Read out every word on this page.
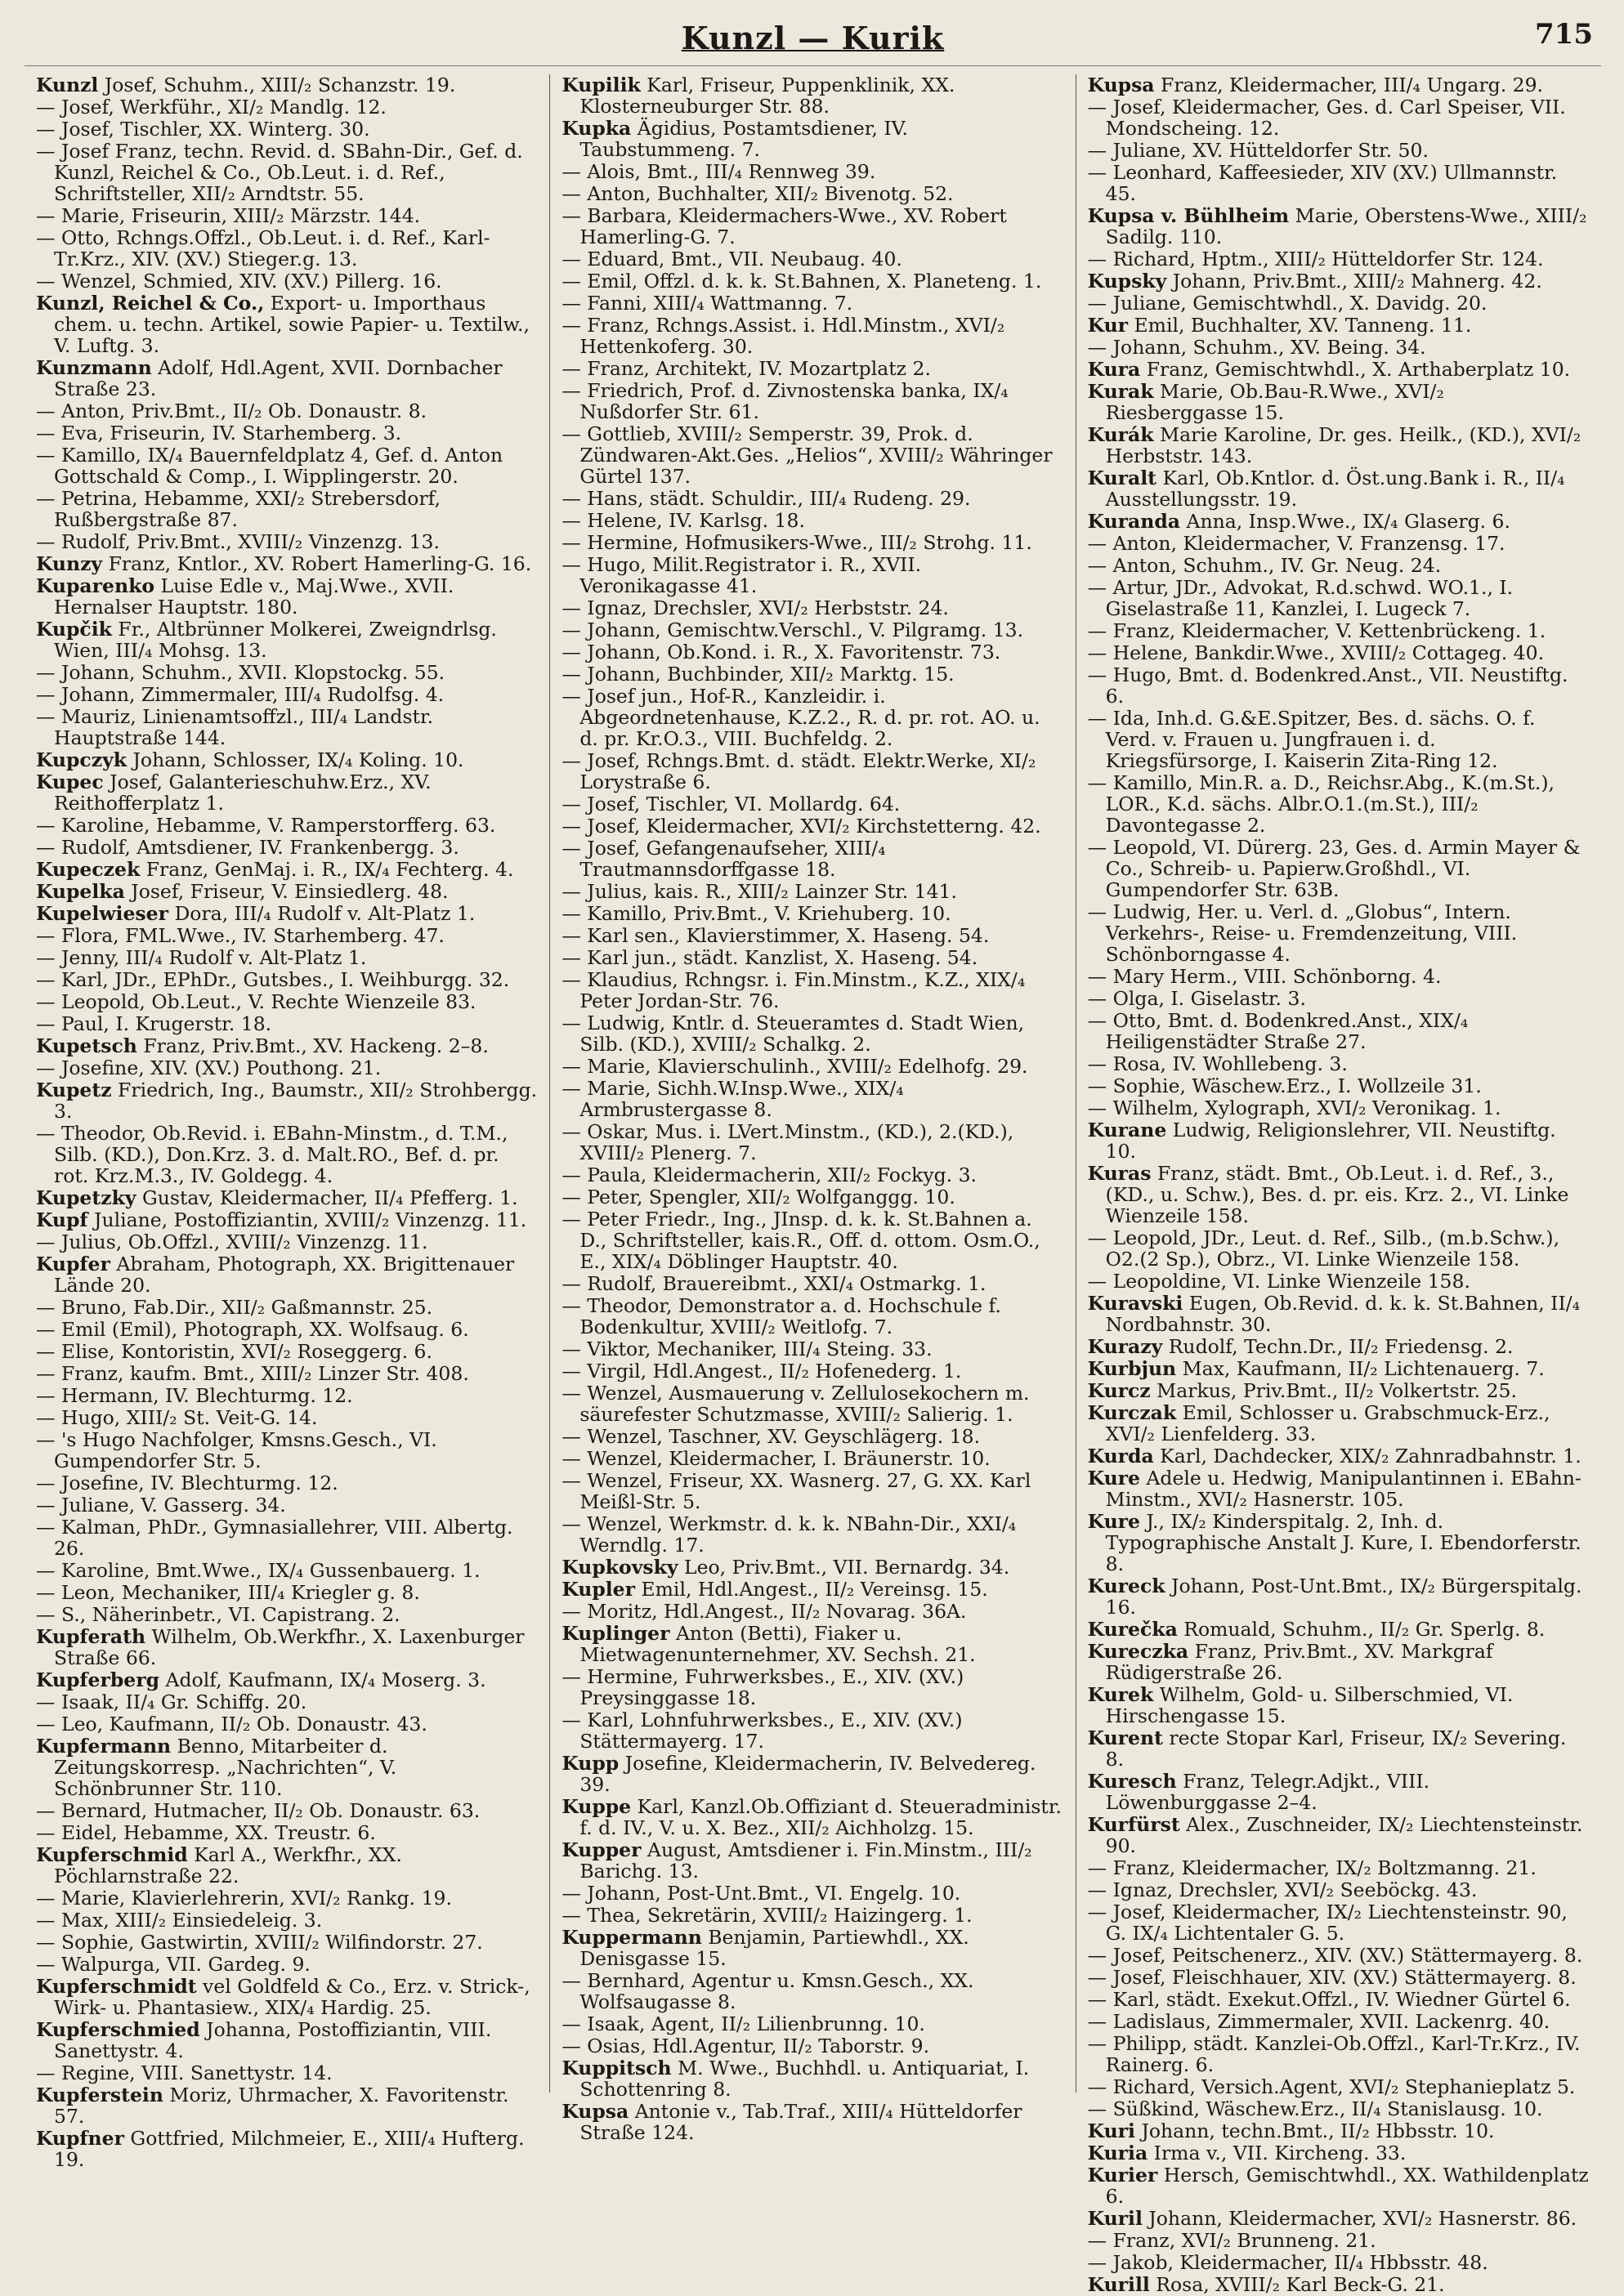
Kunzl — Kurik	715
Kunzl Josef, Schuhm., XIII/₂ Schanzstr. 19.
— Josef, Werkführ., XI/₂ Mandlg. 12.
— Josef, Tischler, XX. Winterg. 30.
— Josef Franz, techn. Revid. d. SBahn-Dir., Gef. d. Kunzl, Reichel & Co., Ob.Leut. i. d. Ref., Schriftsteller, XII/₂ Arndtstr. 55.
— Marie, Friseurin, XIII/₂ Märzstr. 144.
— Otto, Rchngs.Offzl., Ob.Leut. i. d. Ref., Karl-Tr.Krz., XIV. (XV.) Stieger.g. 13.
— Wenzel, Schmied, XIV. (XV.) Pillerg. 16.
Kunzl, Reichel & Co., Export- u. Importhaus chem. u. techn. Artikel, sowie Papier- u. Textilw., V. Luftg. 3.
Kunzmann Adolf, Hdl.Agent, XVII. Dornbacher Straße 23.
— Anton, Priv.Bmt., II/₂ Ob. Donaustr. 8.
— Eva, Friseurin, IV. Starhemberg. 3.
— Kamillo, IX/₄ Bauernfeldplatz 4, Gef. d. Anton Gottschald & Comp., I. Wipplingerstr. 20.
— Petrina, Hebamme, XXI/₂ Strebersdorf, Rußbergstraße 87.
— Rudolf, Priv.Bmt., XVIII/₂ Vinzenzg. 13.
Kunzy Franz, Kntlor., XV. Robert Hamerling-G. 16.
Kuparenko Luise Edle v., Maj.Wwe., XVII. Hernalser Hauptstr. 180.
Kupčik Fr., Altbrünner Molkerei, Zweigndrlsg. Wien, III/₄ Mohsg. 13.
— Johann, Schuhm., XVII. Klopstockg. 55.
— Johann, Zimmermaler, III/₄ Rudolfsg. 4.
— Mauriz, Linienamtsoffzl., III/₄ Landstr. Hauptstraße 144.
Kupczyk Johann, Schlosser, IX/₄ Koling. 10.
Kupec Josef, Galanterieschuhw.Erz., XV. Reithofferplatz 1.
— Karoline, Hebamme, V. Ramperstorfferg. 63.
— Rudolf, Amtsdiener, IV. Frankenbergg. 3.
Kupeczek Franz, GenMaj. i. R., IX/₄ Fechterg. 4.
Kupelka Josef, Friseur, V. Einsiedlerg. 48.
Kupelwieser Dora, III/₄ Rudolf v. Alt-Platz 1.
— Flora, FML.Wwe., IV. Starhemberg. 47.
— Jenny, III/₄ Rudolf v. Alt-Platz 1.
— Karl, JDr., EPhDr., Gutsbes., I. Weihburgg. 32.
— Leopold, Ob.Leut., V. Rechte Wienzeile 83.
— Paul, I. Krugerstr. 18.
Kupetsch Franz, Priv.Bmt., XV. Hackeng. 2–8.
— Josefine, XIV. (XV.) Pouthong. 21.
Kupetz Friedrich, Ing., Baumstr., XII/₂ Strohbergg. 3.
— Theodor, Ob.Revid. i. EBahn-Minstm., d. T.M., Silb. (KD.), Don.Krz. 3. d. Malt.RO., Bef. d. pr. rot. Krz.M.3., IV. Goldegg. 4.
Kupetzky Gustav, Kleidermacher, II/₄ Pfefferg. 1.
Kupf Juliane, Postoffiziantin, XVIII/₂ Vinzenzg. 11.
— Julius, Ob.Offzl., XVIII/₂ Vinzenzg. 11.
Kupfer Abraham, Photograph, XX. Brigittenauer Lände 20.
— Bruno, Fab.Dir., XII/₂ Gaßmannstr. 25.
— Emil (Emil), Photograph, XX. Wolfsaug. 6.
— Elise, Kontoristin, XVI/₂ Roseggerg. 6.
— Franz, kaufm. Bmt., XIII/₂ Linzer Str. 408.
— Hermann, IV. Blechturmg. 12.
— Hugo, XIII/₂ St. Veit-G. 14.
— 's Hugo Nachfolger, Kmsns.Gesch., VI. Gumpendorfer Str. 5.
— Josefine, IV. Blechturmg. 12.
— Juliane, V. Gasserg. 34.
— Kalman, PhDr., Gymnasiallehrer, VIII. Albertg. 26.
— Karoline, Bmt.Wwe., IX/₄ Gussenbauerg. 1.
— Leon, Mechaniker, III/₄ Kriegler g. 8.
— S., Näherinbetr., VI. Capistrang. 2.
Kupferath Wilhelm, Ob.Werkfhr., X. Laxenburger Straße 66.
Kupferberg Adolf, Kaufmann, IX/₄ Moserg. 3.
— Isaak, II/₄ Gr. Schiffg. 20.
— Leo, Kaufmann, II/₂ Ob. Donaustr. 43.
Kupfermann Benno, Mitarbeiter d. Zeitungskorresp. „Nachrichten“, V. Schönbrunner Str. 110.
— Bernard, Hutmacher, II/₂ Ob. Donaustr. 63.
— Eidel, Hebamme, XX. Treustr. 6.
Kupferschmid Karl A., Werkfhr., XX. Pöchlarnstraße 22.
— Marie, Klavierlehrerin, XVI/₂ Rankg. 19.
— Max, XIII/₂ Einsiedeleig. 3.
— Sophie, Gastwirtin, XVIII/₂ Wilfindorstr. 27.
— Walpurga, VII. Gardeg. 9.
Kupferschmidt vel Goldfeld & Co., Erz. v. Strick-, Wirk- u. Phantasiew., XIX/₄ Hardig. 25.
Kupferschmied Johanna, Postoffiziantin, VIII. Sanettystr. 4.
— Regine, VIII. Sanettystr. 14.
Kupferstein Moriz, Uhrmacher, X. Favoritenstr. 57.
Kupfner Gottfried, Milchmeier, E., XIII/₄ Hufterg. 19.
Kupilik Karl, Friseur, Puppenklinik, XX. Klosterneuburger Str. 88.
Kupka Ägidius, Postamtsdiener, IV. Taubstummeng. 7.
— Alois, Bmt., III/₄ Rennweg 39.
— Anton, Buchhalter, XII/₂ Bivenotg. 52.
— Barbara, Kleidermachers-Wwe., XV. Robert Hamerling-G. 7.
— Eduard, Bmt., VII. Neubaug. 40.
— Emil, Offzl. d. k. k. St.Bahnen, X. Planeteng. 1.
— Fanni, XIII/₄ Wattmanng. 7.
— Franz, Rchngs.Assist. i. Hdl.Minstm., XVI/₂ Hettenkoferg. 30.
— Franz, Architekt, IV. Mozartplatz 2.
— Friedrich, Prof. d. Zivnostenska banka, IX/₄ Nußdorfer Str. 61.
— Gottlieb, XVIII/₂ Semperstr. 39, Prok. d. Zündwaren-Akt.Ges. „Helios“, XVIII/₂ Währinger Gürtel 137.
— Hans, städt. Schuldir., III/₄ Rudeng. 29.
— Helene, IV. Karlsg. 18.
— Hermine, Hofmusikers-Wwe., III/₂ Strohg. 11.
— Hugo, Milit.Registrator i. R., XVII. Veronikagasse 41.
— Ignaz, Drechsler, XVI/₂ Herbststr. 24.
— Johann, Gemischtw.Verschl., V. Pilgramg. 13.
— Johann, Ob.Kond. i. R., X. Favoritenstr. 73.
— Johann, Buchbinder, XII/₂ Marktg. 15.
— Josef jun., Hof-R., Kanzleidir. i. Abgeordnetenhause, K.Z.2., R. d. pr. rot. AO. u. d. pr. Kr.O.3., VIII. Buchfeldg. 2.
— Josef, Rchngs.Bmt. d. städt. Elektr.Werke, XI/₂ Lorystraße 6.
— Josef, Tischler, VI. Mollardg. 64.
— Josef, Kleidermacher, XVI/₂ Kirchstetterng. 42.
— Josef, Gefangenaufseher, XIII/₄ Trautmannsdorffgasse 18.
— Julius, kais. R., XIII/₂ Lainzer Str. 141.
— Kamillo, Priv.Bmt., V. Kriehuberg. 10.
— Karl sen., Klavierstimmer, X. Haseng. 54.
— Karl jun., städt. Kanzlist, X. Haseng. 54.
— Klaudius, Rchngsr. i. Fin.Minstm., K.Z., XIX/₄ Peter Jordan-Str. 76.
— Ludwig, Kntlr. d. Steueramtes d. Stadt Wien, Silb. (KD.), XVIII/₂ Schalkg. 2.
— Marie, Klavierschulinh., XVIII/₂ Edelhofg. 29.
— Marie, Sichh.W.Insp.Wwe., XIX/₄ Armbrustergasse 8.
— Oskar, Mus. i. LVert.Minstm., (KD.), 2.(KD.), XVIII/₂ Plenerg. 7.
— Paula, Kleidermacherin, XII/₂ Fockyg. 3.
— Peter, Spengler, XII/₂ Wolfganggg. 10.
— Peter Friedr., Ing., JInsp. d. k. k. St.Bahnen a. D., Schriftsteller, kais.R., Off. d. ottom. Osm.O., E., XIX/₄ Döblinger Hauptstr. 40.
— Rudolf, Brauereibmt., XXI/₄ Ostmarkg. 1.
— Theodor, Demonstrator a. d. Hochschule f. Bodenkultur, XVIII/₂ Weitlofg. 7.
— Viktor, Mechaniker, III/₄ Steing. 33.
— Virgil, Hdl.Angest., II/₂ Hofenederg. 1.
— Wenzel, Ausmauerung v. Zellulosekochern m. säurefester Schutzmasse, XVIII/₂ Salierig. 1.
— Wenzel, Taschner, XV. Geyschlägerg. 18.
— Wenzel, Kleidermacher, I. Bräunerstr. 10.
— Wenzel, Friseur, XX. Wasnerg. 27, G. XX. Karl Meißl-Str. 5.
— Wenzel, Werkmstr. d. k. k. NBahn-Dir., XXI/₄ Werndlg. 17.
Kupkovsky Leo, Priv.Bmt., VII. Bernardg. 34.
Kupler Emil, Hdl.Angest., II/₂ Vereinsg. 15.
— Moritz, Hdl.Angest., II/₂ Novarag. 36A.
Kuplinger Anton (Betti), Fiaker u. Mietwagenunternehmer, XV. Sechsh. 21.
— Hermine, Fuhrwerksbes., E., XIV. (XV.) Preysinggasse 18.
— Karl, Lohnfuhrwerksbes., E., XIV. (XV.) Stättermayerg. 17.
Kupp Josefine, Kleidermacherin, IV. Belvedereg. 39.
Kuppe Karl, Kanzl.Ob.Offiziant d. Steueradministr. f. d. IV., V. u. X. Bez., XII/₂ Aichholzg. 15.
Kupper August, Amtsdiener i. Fin.Minstm., III/₂ Barichg. 13.
— Johann, Post-Unt.Bmt., VI. Engelg. 10.
— Thea, Sekretärin, XVIII/₂ Haizingerg. 1.
Kuppermann Benjamin, Partiewhdl., XX. Denisgasse 15.
— Bernhard, Agentur u. Kmsn.Gesch., XX. Wolfsaugasse 8.
— Isaak, Agent, II/₂ Lilienbrunng. 10.
— Osias, Hdl.Agentur, II/₂ Taborstr. 9.
Kuppitsch M. Wwe., Buchhdl. u. Antiquariat, I. Schottenring 8.
Kupsa Antonie v., Tab.Traf., XIII/₄ Hütteldorfer Straße 124.
Kupsa Franz, Kleidermacher, III/₄ Ungarg. 29.
— Josef, Kleidermacher, Ges. d. Carl Speiser, VII. Mondscheing. 12.
— Juliane, XV. Hütteldorfer Str. 50.
— Leonhard, Kaffeesieder, XIV (XV.) Ullmannstr. 45.
Kupsa v. Bühlheim Marie, Oberstens-Wwe., XIII/₂ Sadilg. 110.
— Richard, Hptm., XIII/₂ Hütteldorfer Str. 124.
Kupsky Johann, Priv.Bmt., XIII/₂ Mahnerg. 42.
— Juliane, Gemischtwhdl., X. Davidg. 20.
Kur Emil, Buchhalter, XV. Tanneng. 11.
— Johann, Schuhm., XV. Being. 34.
Kura Franz, Gemischtwhdl., X. Arthaberplatz 10.
Kurak Marie, Ob.Bau-R.Wwe., XVI/₂ Riesberggasse 15.
Kurák Marie Karoline, Dr. ges. Heilk., (KD.), XVI/₂ Herbststr. 143.
Kuralt Karl, Ob.Kntlor. d. Öst.ung.Bank i. R., II/₄ Ausstellungsstr. 19.
Kuranda Anna, Insp.Wwe., IX/₄ Glaserg. 6.
— Anton, Kleidermacher, V. Franzensg. 17.
— Anton, Schuhm., IV. Gr. Neug. 24.
— Artur, JDr., Advokat, R.d.schwd. WO.1., I. Giselastraße 11, Kanzlei, I. Lugeck 7.
— Franz, Kleidermacher, V. Kettenbrückeng. 1.
— Helene, Bankdir.Wwe., XVIII/₂ Cottageg. 40.
— Hugo, Bmt. d. Bodenkred.Anst., VII. Neustiftg. 6.
— Ida, Inh.d. G.&E.Spitzer, Bes. d. sächs. O. f. Verd. v. Frauen u. Jungfrauen i. d. Kriegsfürsorge, I. Kaiserin Zita-Ring 12.
— Kamillo, Min.R. a. D., Reichsr.Abg., K.(m.St.), LOR., K.d. sächs. Albr.O.1.(m.St.), III/₂ Davontegasse 2.
— Leopold, VI. Dürerg. 23, Ges. d. Armin Mayer & Co., Schreib- u. Papierw.Großhdl., VI. Gumpendorfer Str. 63B.
— Ludwig, Her. u. Verl. d. „Globus“, Intern. Verkehrs-, Reise- u. Fremdenzeitung, VIII. Schönborngasse 4.
— Mary Herm., VIII. Schönborng. 4.
— Olga, I. Giselastr. 3.
— Otto, Bmt. d. Bodenkred.Anst., XIX/₄ Heiligenstädter Straße 27.
— Rosa, IV. Wohllebeng. 3.
— Sophie, Wäschew.Erz., I. Wollzeile 31.
— Wilhelm, Xylograph, XVI/₂ Veronikag. 1.
Kurane Ludwig, Religionslehrer, VII. Neustiftg. 10.
Kuras Franz, städt. Bmt., Ob.Leut. i. d. Ref., 3., (KD., u. Schw.), Bes. d. pr. eis. Krz. 2., VI. Linke Wienzeile 158.
— Leopold, JDr., Leut. d. Ref., Silb., (m.b.Schw.), O2.(2 Sp.), Obrz., VI. Linke Wienzeile 158.
— Leopoldine, VI. Linke Wienzeile 158.
Kuravski Eugen, Ob.Revid. d. k. k. St.Bahnen, II/₄ Nordbahnstr. 30.
Kurazy Rudolf, Techn.Dr., II/₂ Friedensg. 2.
Kurbjun Max, Kaufmann, II/₂ Lichtenauerg. 7.
Kurcz Markus, Priv.Bmt., II/₂ Volkertstr. 25.
Kurczak Emil, Schlosser u. Grabschmuck-Erz., XVI/₂ Lienfelderg. 33.
Kurda Karl, Dachdecker, XIX/₂ Zahnradbahnstr. 1.
Kure Adele u. Hedwig, Manipulantinnen i. EBahn-Minstm., XVI/₂ Hasnerstr. 105.
Kure J., IX/₂ Kinderspitalg. 2, Inh. d. Typographische Anstalt J. Kure, I. Ebendorferstr. 8.
Kureck Johann, Post-Unt.Bmt., IX/₂ Bürgerspitalg. 16.
Kurečka Romuald, Schuhm., II/₂ Gr. Sperlg. 8.
Kureczka Franz, Priv.Bmt., XV. Markgraf Rüdigerstraße 26.
Kurek Wilhelm, Gold- u. Silberschmied, VI. Hirschengasse 15.
Kurent recte Stopar Karl, Friseur, IX/₂ Severing. 8.
Kuresch Franz, Telegr.Adjkt., VIII. Löwenburggasse 2–4.
Kurfürst Alex., Zuschneider, IX/₂ Liechtensteinstr. 90.
— Franz, Kleidermacher, IX/₂ Boltzmanng. 21.
— Ignaz, Drechsler, XVI/₂ Seeböckg. 43.
— Josef, Kleidermacher, IX/₂ Liechtensteinstr. 90, G. IX/₄ Lichtentaler G. 5.
— Josef, Peitschenerz., XIV. (XV.) Stättermayerg. 8.
— Josef, Fleischhauer, XIV. (XV.) Stättermayerg. 8.
— Karl, städt. Exekut.Offzl., IV. Wiedner Gürtel 6.
— Ladislaus, Zimmermaler, XVII. Lackenrg. 40.
— Philipp, städt. Kanzlei-Ob.Offzl., Karl-Tr.Krz., IV. Rainerg. 6.
— Richard, Versich.Agent, XVI/₂ Stephanieplatz 5.
— Süßkind, Wäschew.Erz., II/₄ Stanislausg. 10.
Kuri Johann, techn.Bmt., II/₂ Hbbsstr. 10.
Kuria Irma v., VII. Kircheng. 33.
Kurier Hersch, Gemischtwhdl., XX. Wathildenplatz 6.
Kuril Johann, Kleidermacher, XVI/₂ Hasnerstr. 86.
— Franz, XVI/₂ Brunneng. 21.
— Jakob, Kleidermacher, II/₄ Hbbsstr. 48.
Kurill Rosa, XVIII/₂ Karl Beck-G. 21.
